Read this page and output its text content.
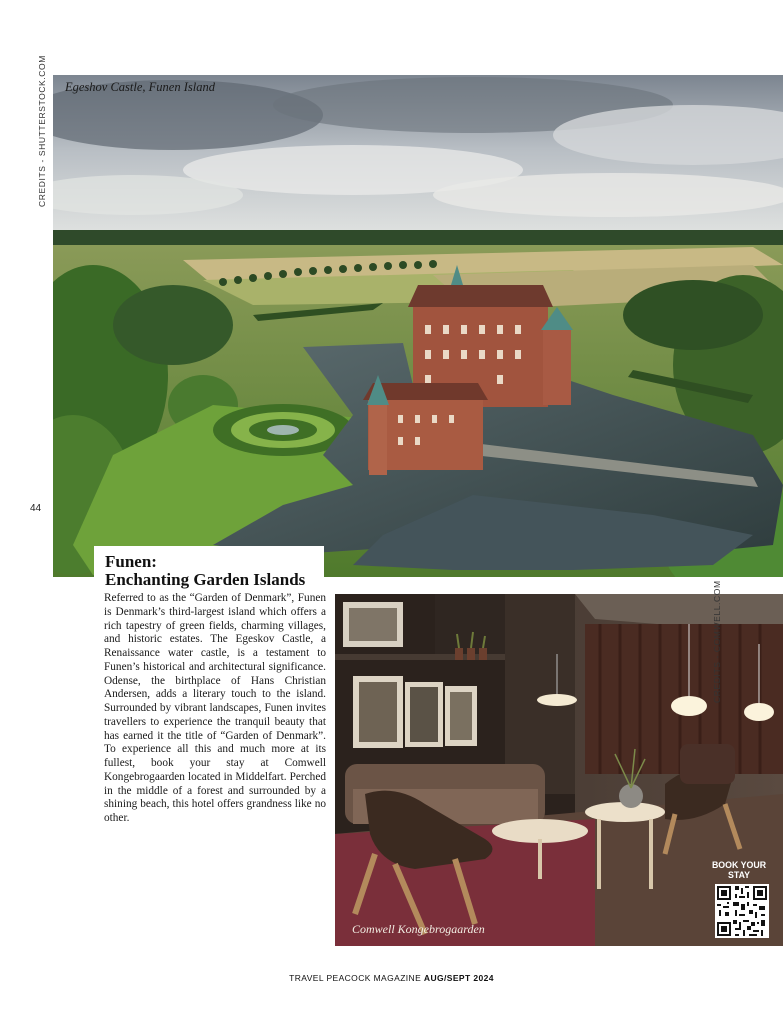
Egeshov Castle, Funen Island
CREDITS - SHUTTERSTOCK.COM
44
Funen:
Enchanting Garden Islands
Referred to as the “Garden of Denmark”, Funen is Denmark’s third-largest island which offers a rich tapestry of green fields, charming villages, and historic estates. The Egeskov Castle, a Renaissance water castle, is a testament to Funen’s historical and architectural significance. Odense, the birthplace of Hans Christian Andersen, adds a literary touch to the island. Surrounded by vibrant landscapes, Funen invites travellers to experience the tranquil beauty that has earned it the title of “Garden of Denmark”. To experience all this and much more at its fullest, book your stay at Comwell Kongebrogaarden located in Middelfart. Perched in the middle of a forest and surrounded by a shining beach, this hotel offers grandness like no other.
Comwell Kongebrogaarden
BOOK YOUR STAY
CREDITS - COMWELL.COM
TRAVEL PEACOCK MAGAZINE AUG/SEPT 2024
